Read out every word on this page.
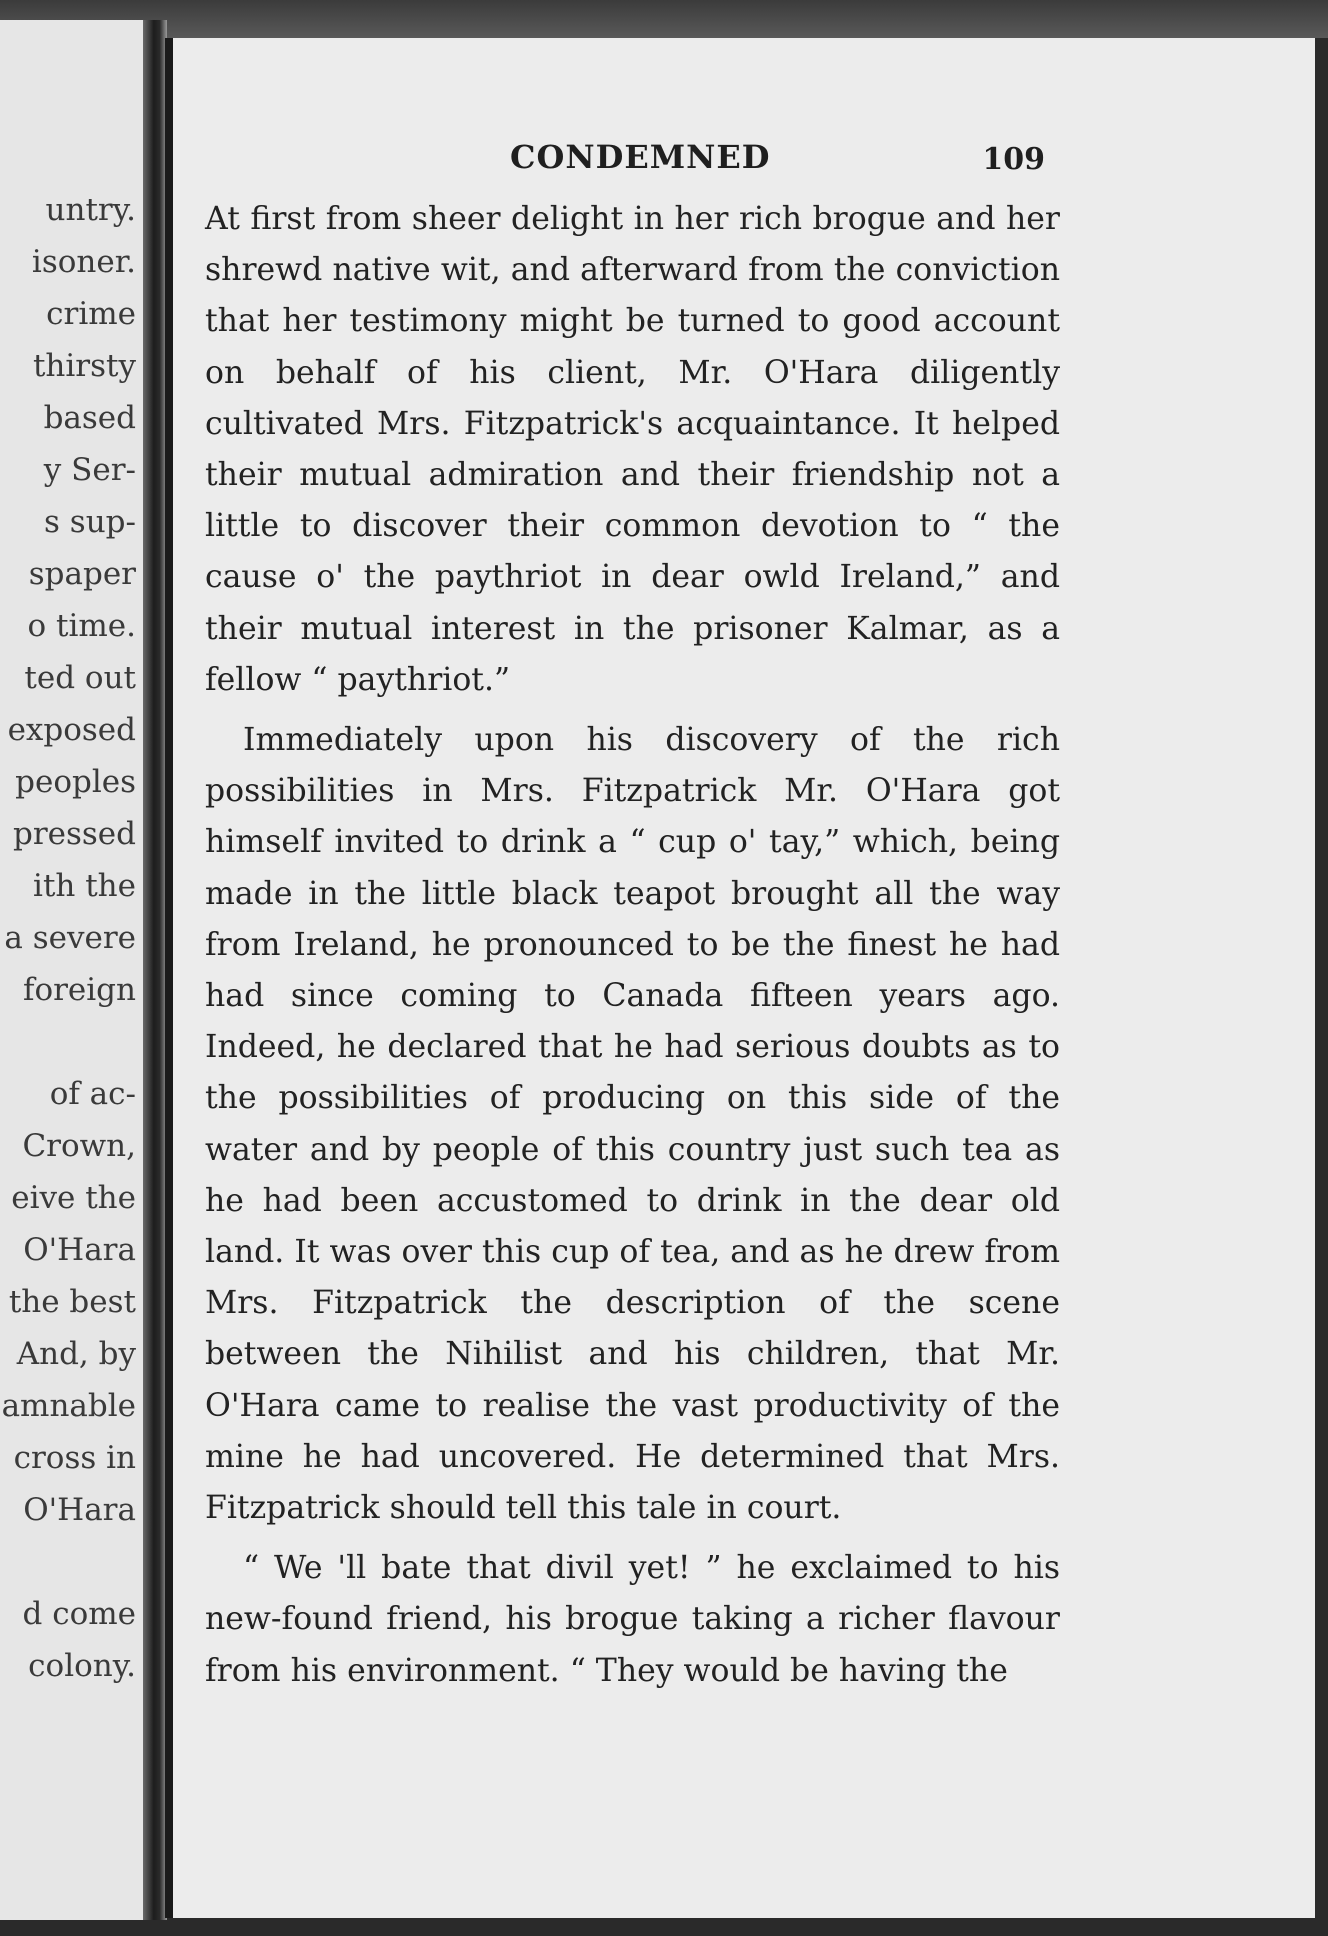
untry.
isoner.
crime
thirsty
based
y Ser-
s sup-
spaper
o time.
ted out
exposed
peoples
pressed
ith the
a severe
foreign
of ac-
Crown,
eive the
O'Hara
the best
And, by
amnable
cross in
O'Hara
d come
colony.
CONDEMNED	109

At first from sheer delight in her rich brogue and her shrewd native wit, and afterward from the conviction that her testimony might be turned to good account on behalf of his client, Mr. O'Hara diligently cultivated Mrs. Fitzpatrick's acquaintance. It helped their mutual admiration and their friendship not a little to discover their common devotion to “ the cause o' the paythriot in dear owld Ireland,” and their mutual interest in the prisoner Kalmar, as a fellow “ paythriot.”

Immediately upon his discovery of the rich possibilities in Mrs. Fitzpatrick Mr. O'Hara got himself invited to drink a “ cup o' tay,” which, being made in the little black teapot brought all the way from Ireland, he pronounced to be the finest he had had since coming to Canada fifteen years ago. Indeed, he declared that he had serious doubts as to the possibilities of producing on this side of the water and by people of this country just such tea as he had been accustomed to drink in the dear old land. It was over this cup of tea, and as he drew from Mrs. Fitzpatrick the description of the scene between the Nihilist and his children, that Mr. O'Hara came to realise the vast productivity of the mine he had uncovered. He determined that Mrs. Fitzpatrick should tell this tale in court.

“ We 'll bate that divil yet! ” he exclaimed to his new-found friend, his brogue taking a richer flavour from his environment. “ They would be having the
